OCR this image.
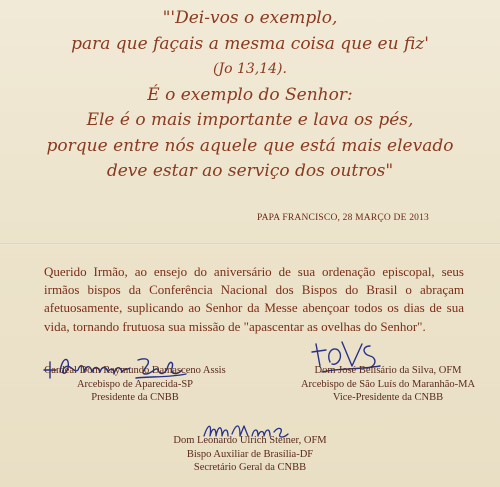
"'Dei-vos o exemplo,
para que façais a mesma coisa que eu fiz'
(Jo 13,14).
É o exemplo do Senhor:
Ele é o mais importante e lava os pés,
porque entre nós aquele que está mais elevado
deve estar ao serviço dos outros"
PAPA FRANCISCO, 28 MARÇO DE 2013
Querido Irmão, ao ensejo do aniversário de sua ordenação episcopal, seus irmãos bispos da Conferência Nacional dos Bispos do Brasil o abraçam afetuosamente, suplicando ao Senhor da Messe abençoar todos os dias de sua vida, tornando frutuosa sua missão de "apascentar as ovelhas do Senhor".
Cardeal Dom Raymundo Damasceno Assis
Arcebispo de Aparecida-SP
Presidente da CNBB
Dom José Belisário da Silva, OFM
Arcebispo de São Luís do Maranhão-MA
Vice-Presidente da CNBB
Dom Leonardo Ulrich Steiner, OFM
Bispo Auxiliar de Brasília-DF
Secretário Geral da CNBB
